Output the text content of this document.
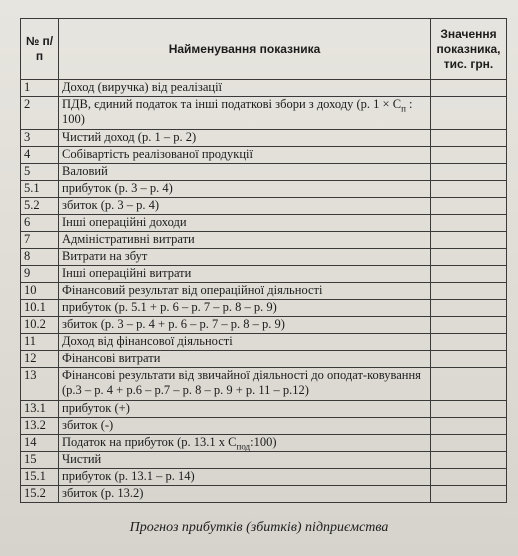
№ п/п	Найменування показника	Значення показника, тис. грн.
1	Доход (виручка) від реалізації	
2	ПДВ, єдиний податок та інші податкові збори з доходу (р. $1 \times С_п$ : 100)	
3	Чистий доход (р. 1 – р. 2)	
4	Собівартість реалізованої продукції	
5	Валовий	
5.1	прибуток (р. 3 – р. 4)	
5.2	збиток (р. 3 – р. 4)	
6	Інші операційні доходи	
7	Адміністративні витрати	
8	Витрати на збут	
9	Інші операційні витрати	
10	Фінансовий результат від операційної діяльності	
10.1	прибуток (р. 5.1 + р. 6 – р. 7 – р. 8 – р. 9)	
10.2	збиток (р. 3 – р. 4 + р. 6 – р. 7 – р. 8 – р. 9)	
11	Доход від фінансової діяльності	
12	Фінансові витрати	
13	Фінансові результати від звичайної діяльності до оподат-ковування (р.3 – р. 4 + р.6 – р.7 – р. 8 – р. 9 + р. 11 – р.12)	
13.1	прибуток (+)	
13.2	збиток (-)	
14	Податок на прибуток (р. 13.1 х $С_{под}:100$)	
15	Чистий	
15.1	прибуток (р. 13.1 – р. 14)	
15.2	збиток (р. 13.2)	
Прогноз прибутків (збитків) підприємства
